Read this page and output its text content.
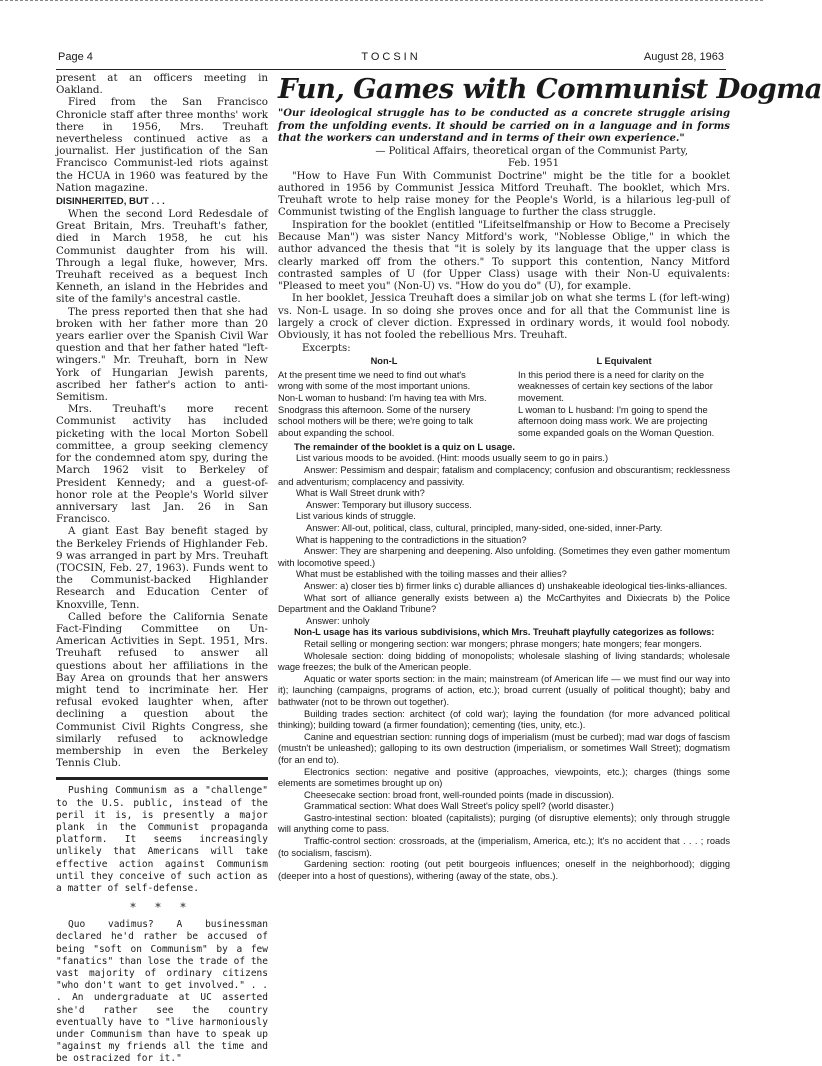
Page 4	TOCSIN	August 28, 1963

present at an officers meeting in Oakland.

Fired from the San Francisco Chronicle staff after three months' work there in 1956, Mrs. Treuhaft nevertheless continued active as a journalist. Her justification of the San Francisco Communist-led riots against the HCUA in 1960 was featured by the Nation magazine.

DISINHERITED, BUT . . .

When the second Lord Redesdale of Great Britain, Mrs. Treuhaft's father, died in March 1958, he cut his Communist daughter from his will. Through a legal fluke, however, Mrs. Treuhaft received as a bequest Inch Kenneth, an island in the Hebrides and site of the family's ancestral castle.

The press reported then that she had broken with her father more than 20 years earlier over the Spanish Civil War question and that her father hated "left-wingers." Mr. Treuhaft, born in New York of Hungarian Jewish parents, ascribed her father's action to anti-Semitism.

Mrs. Treuhaft's more recent Communist activity has included picketing with the local Morton Sobell committee, a group seeking clemency for the condemned atom spy, during the March 1962 visit to Berkeley of President Kennedy; and a guest-of-honor role at the People's World silver anniversary last Jan. 26 in San Francisco.

A giant East Bay benefit staged by the Berkeley Friends of Highlander Feb. 9 was arranged in part by Mrs. Treuhaft (TOCSIN, Feb. 27, 1963). Funds went to the Communist-backed Highlander Research and Education Center of Knoxville, Tenn.

Called before the California Senate Fact-Finding Committee on Un-American Activities in Sept. 1951, Mrs. Treuhaft refused to answer all questions about her affiliations in the Bay Area on grounds that her answers might tend to incriminate her. Her refusal evoked laughter when, after declining a question about the Communist Civil Rights Congress, she similarly refused to acknowledge membership in even the Berkeley Tennis Club.

Pushing Communism as a "challenge" to the U.S. public, instead of the peril it is, is presently a major plank in the Communist propaganda platform. It seems increasingly unlikely that Americans will take effective action against Communism until they conceive of such action as a matter of self-defense.

* * *

Quo vadimus? A businessman declared he'd rather be accused of being "soft on Communism" by a few "fanatics" than lose the trade of the vast majority of ordinary citizens "who don't want to get involved." . . . An undergraduate at UC asserted she'd rather see the country eventually have to "live harmoniously under Communism than have to speak up "against my friends all the time and be ostracized for it."

Fun, Games with Communist Dogma

"Our ideological struggle has to be conducted as a concrete struggle arising from the unfolding events. It should be carried on in a language and in forms that the workers can understand and in terms of their own experience."

— Political Affairs, theoretical organ of the Communist Party,
Feb. 1951

"How to Have Fun With Communist Doctrine" might be the title for a booklet authored in 1956 by Communist Jessica Mitford Treuhaft. The booklet, which Mrs. Treuhaft wrote to help raise money for the People's World, is a hilarious leg-pull of Communist twisting of the English language to further the class struggle.

Inspiration for the booklet (entitled "Lifeitselfmanship or How to Become a Precisely Because Man") was sister Nancy Mitford's work, "Noblesse Oblige," in which the author advanced the thesis that "it is solely by its language that the upper class is clearly marked off from the others." To support this contention, Nancy Mitford contrasted samples of U (for Upper Class) usage with their Non-U equivalents: "Pleased to meet you" (Non-U) vs. "How do you do" (U), for example.

In her booklet, Jessica Treuhaft does a similar job on what she terms L (for left-wing) vs. Non-L usage. In so doing she proves once and for all that the Communist line is largely a crock of clever diction. Expressed in ordinary words, it would fool nobody. Obviously, it has not fooled the rebellious Mrs. Treuhaft.

Excerpts:
Non-L

At the present time we need to find out what's wrong with some of the most important unions.

Non-L woman to husband: I'm having tea with Mrs. Snodgrass this afternoon. Some of the nursery school mothers will be there; we're going to talk about expanding the school.

L Equivalent

In this period there is a need for clarity on the weaknesses of certain key sections of the labor movement.

L woman to L husband: I'm going to spend the afternoon doing mass work. We are projecting some expanded goals on the Woman Question.

The remainder of the booklet is a quiz on L usage.

List various moods to be avoided. (Hint: moods usually seem to go in pairs.)

Answer: Pessimism and despair; fatalism and complacency; confusion and obscurantism; recklessness and adventurism; complacency and passivity.

What is Wall Street drunk with?

Answer: Temporary but illusory success.

List various kinds of struggle.

Answer: All-out, political, class, cultural, principled, many-sided, one-sided, inner-Party.

What is happening to the contradictions in the situation?

Answer: They are sharpening and deepening. Also unfolding. (Sometimes they even gather momentum with locomotive speed.)

What must be established with the toiling masses and their allies?

Answer: a) closer ties b) firmer links c) durable alliances d) unshakeable ideological ties-links-alliances.

What sort of alliance generally exists between a) the McCarthyites and Dixiecrats b) the Police Department and the Oakland Tribune?

Answer: unholy

Non-L usage has its various subdivisions, which Mrs. Treuhaft playfully categorizes as follows:

Retail selling or mongering section: war mongers; phrase mongers; hate mongers; fear mongers.

Wholesale section: doing bidding of monopolists; wholesale slashing of living standards; wholesale wage freezes; the bulk of the American people.

Aquatic or water sports section: in the main; mainstream (of American life — we must find our way into it); launching (campaigns, programs of action, etc.); broad current (usually of political thought); baby and bathwater (not to be thrown out together).

Building trades section: architect (of cold war); laying the foundation (for more advanced political thinking); building toward (a firmer foundation); cementing (ties, unity, etc.).

Canine and equestrian section: running dogs of imperialism (must be curbed); mad war dogs of fascism (mustn't be unleashed); galloping to its own destruction (imperialism, or sometimes Wall Street); dogmatism (for an end to).

Electronics section: negative and positive (approaches, viewpoints, etc.); charges (things some elements are sometimes brought up on)

Cheesecake section: broad front, well-rounded points (made in discussion).

Grammatical section: What does Wall Street's policy spell? (world disaster.)

Gastro-intestinal section: bloated (capitalists); purging (of disruptive elements); only through struggle will anything come to pass.

Traffic-control section: crossroads, at the (imperialism, America, etc.); It's no accident that . . . ; roads (to socialism, fascism).

Gardening section: rooting (out petit bourgeois influences; oneself in the neighborhood); digging (deeper into a host of questions), withering (away of the state, obs.).
